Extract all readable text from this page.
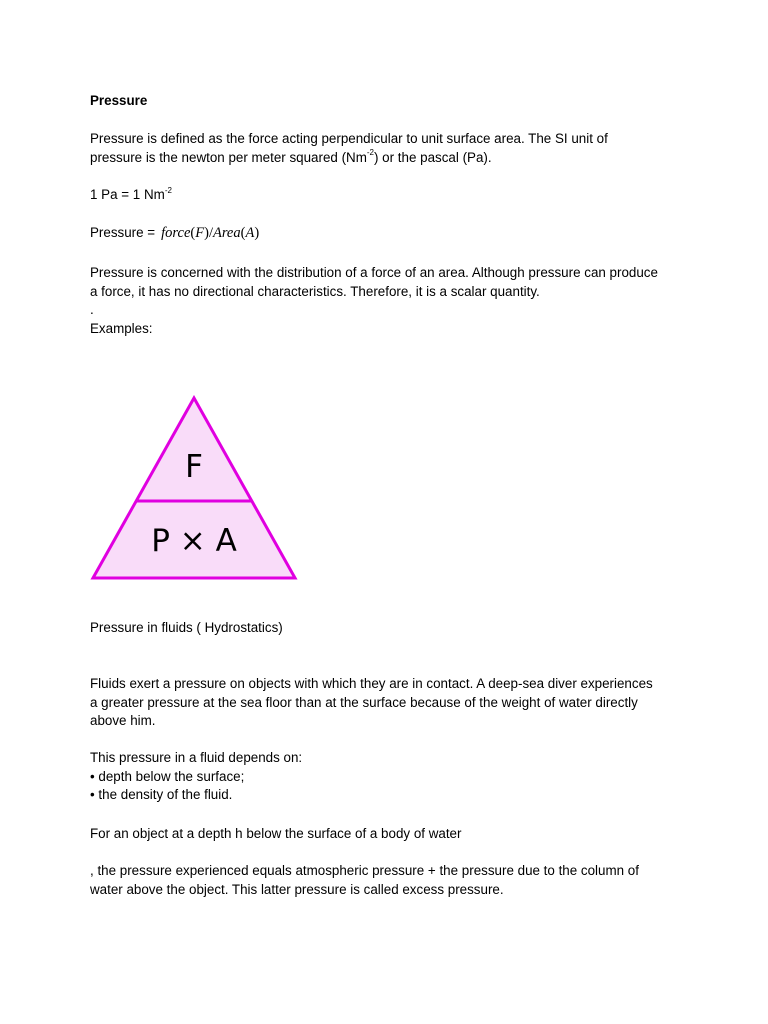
Pressure

Pressure is defined as the force acting perpendicular to unit surface area. The SI unit of
pressure is the newton per meter squared $(Nm^{-2})$ or the pascal (Pa).
1 Pa = 1 $Nm^{-2}$
Pressure = force(F)/Area(A)
Pressure is concerned with the distribution of a force of an area. Although pressure can produce
a force, it has no directional characteristics. Therefore, it is a scalar quantity.
.
Examples:
Pressure in fluids ( Hydrostatics)
Fluids exert a pressure on objects with which they are in contact. A deep-sea diver experiences
a greater pressure at the sea floor than at the surface because of the weight of water directly
above him.
This pressure in a fluid depends on:
• depth below the surface;
• the density of the fluid.
For an object at a depth h below the surface of a body of water
, the pressure experienced equals atmospheric pressure + the pressure due to the column of
water above the object. This latter pressure is called excess pressure.
F
P × A
